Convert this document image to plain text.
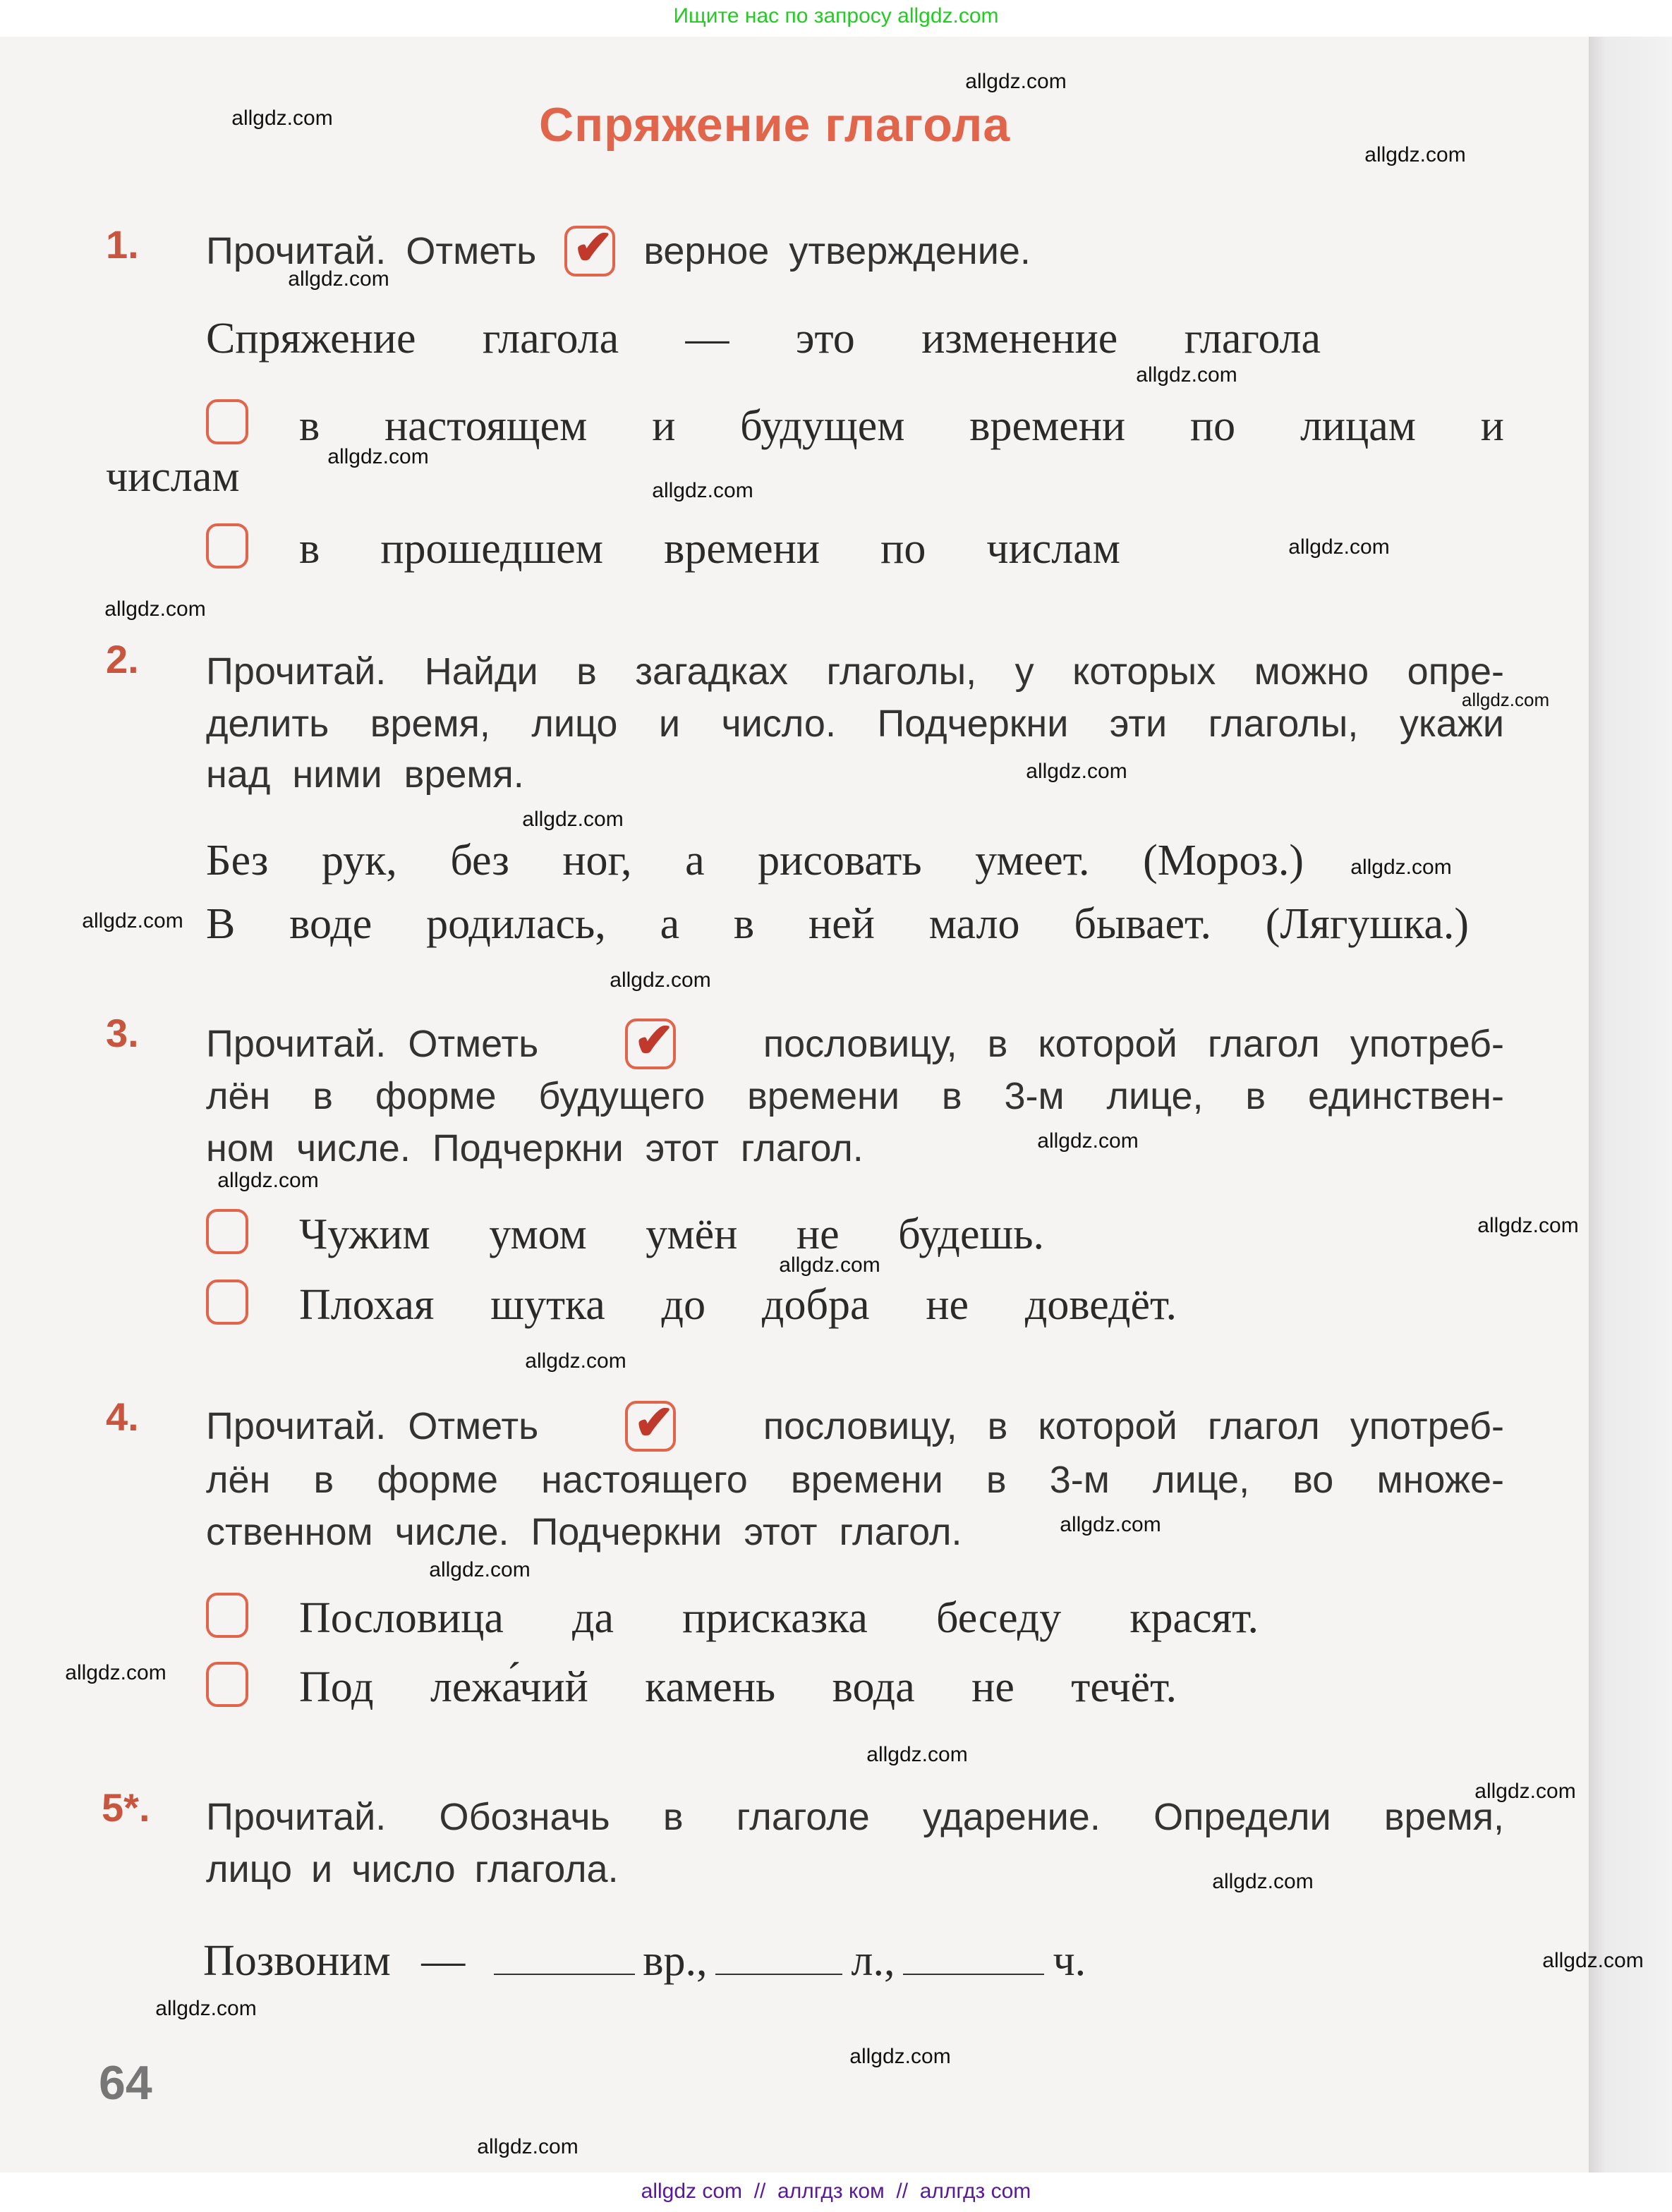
Ищите нас по запросу allgdz.com
Спряжение глагола
1.	Прочитай. Отметь ✔ верное утверждение.
Спряжение глагола — это изменение глагола
в настоящем и будущем времени по лицам и
числам
в прошедшем времени по числам
2.	Прочитай. Найди в загадках глаголы, у которых можно опре-
делить время, лицо и число. Подчеркни эти глаголы, укажи
над ними время.
Без рук, без ног, а рисовать умеет. (Мороз.)
В воде родилась, а в ней мало бывает. (Лягушка.)
3.	Прочитай. Отметь	✔	пословицу, в которой глагол употреб-
лён в форме будущего времени в 3-м лице, в единствен-
ном числе. Подчеркни этот глагол.
Чужим умом умён не будешь.
Плохая шутка до добра не доведёт.
4.	Прочитай. Отметь	✔	пословицу, в которой глагол употреб-
лён в форме настоящего времени в 3-м лице, во множе-
ственном числе. Подчеркни этот глагол.
Пословица да присказка беседу красят.
Под лежа́чий камень вода не течёт.
5*.	Прочитай. Обозначь в глаголе ударение. Определи время,
лицо и число глагола.
Позвоним —	вр.,	л.,	ч.
64
allgdz.com
allgdz.com
allgdz.com
allgdz.com
allgdz.com
allgdz.com
allgdz.com
allgdz.com
allgdz.com
allgdz.com
allgdz.com
allgdz.com
allgdz.com
allgdz.com
allgdz.com
allgdz.com
allgdz.com
allgdz.com
allgdz.com
allgdz.com
allgdz.com
allgdz.com
allgdz.com
allgdz.com
allgdz.com
allgdz.com
allgdz.com
allgdz.com
allgdz.com
allgdz.com
allgdz com  //  аллгдз ком  //  аллгдз com
